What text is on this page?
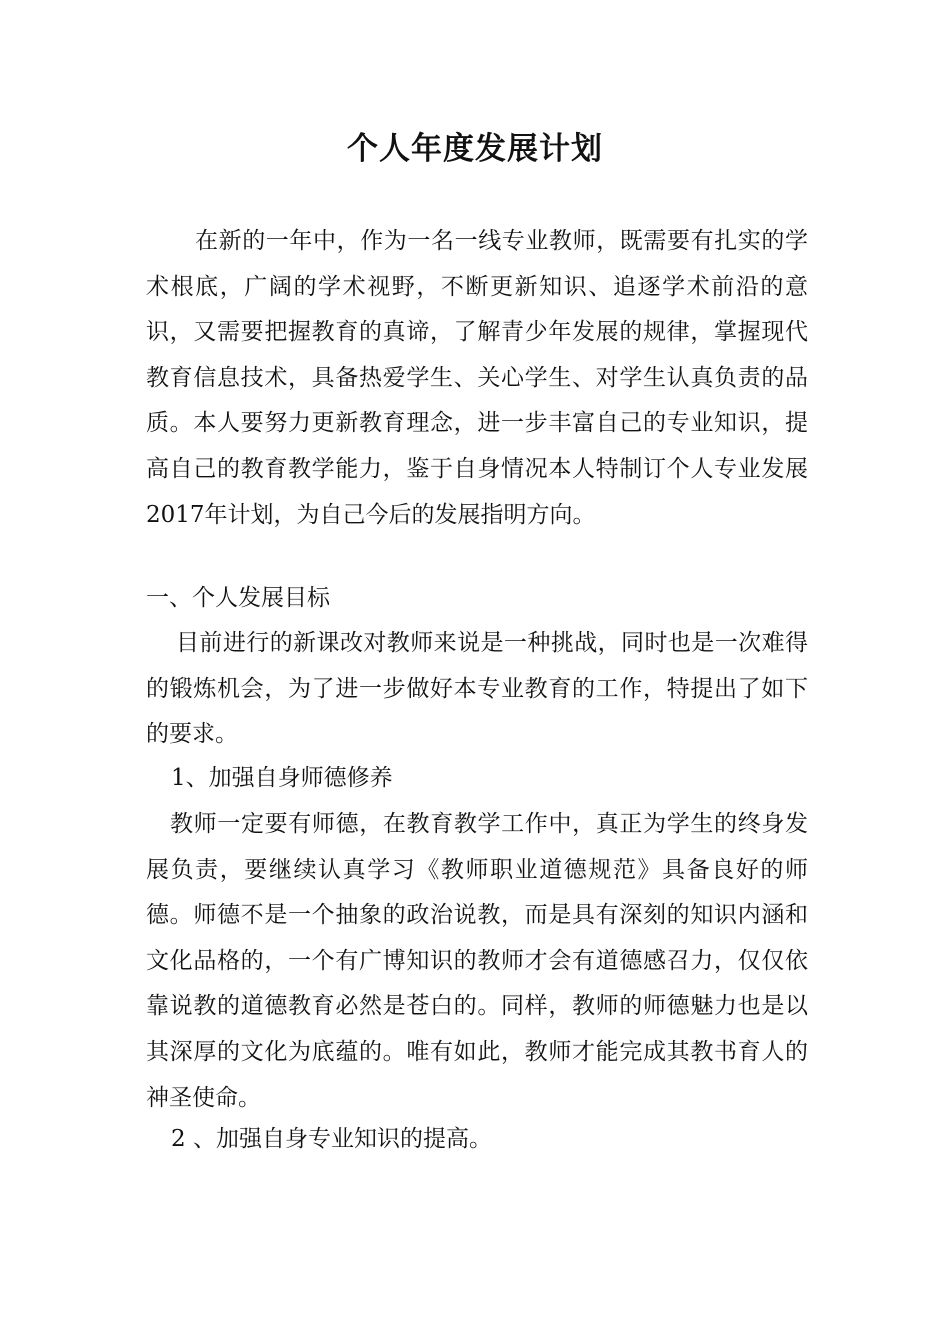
个人年度发展计划

在新的一年中，作为一名一线专业教师，既需要有扎实的学术根底，广阔的学术视野，不断更新知识、追逐学术前沿的意识，又需要把握教育的真谛，了解青少年发展的规律，掌握现代教育信息技术，具备热爱学生、关心学生、对学生认真负责的品质。本人要努力更新教育理念，进一步丰富自己的专业知识，提高自己的教育教学能力，鉴于自身情况本人特制订个人专业发展2017年计划，为自己今后的发展指明方向。

一、个人发展目标

目前进行的新课改对教师来说是一种挑战，同时也是一次难得的锻炼机会，为了进一步做好本专业教育的工作，特提出了如下的要求。

1、加强自身师德修养

教师一定要有师德，在教育教学工作中，真正为学生的终身发展负责，要继续认真学习《教师职业道德规范》具备良好的师德。师德不是一个抽象的政治说教，而是具有深刻的知识内涵和文化品格的，一个有广博知识的教师才会有道德感召力，仅仅依靠说教的道德教育必然是苍白的。同样，教师的师德魅力也是以其深厚的文化为底蕴的。唯有如此，教师才能完成其教书育人的神圣使命。

2 、加强自身专业知识的提高。
